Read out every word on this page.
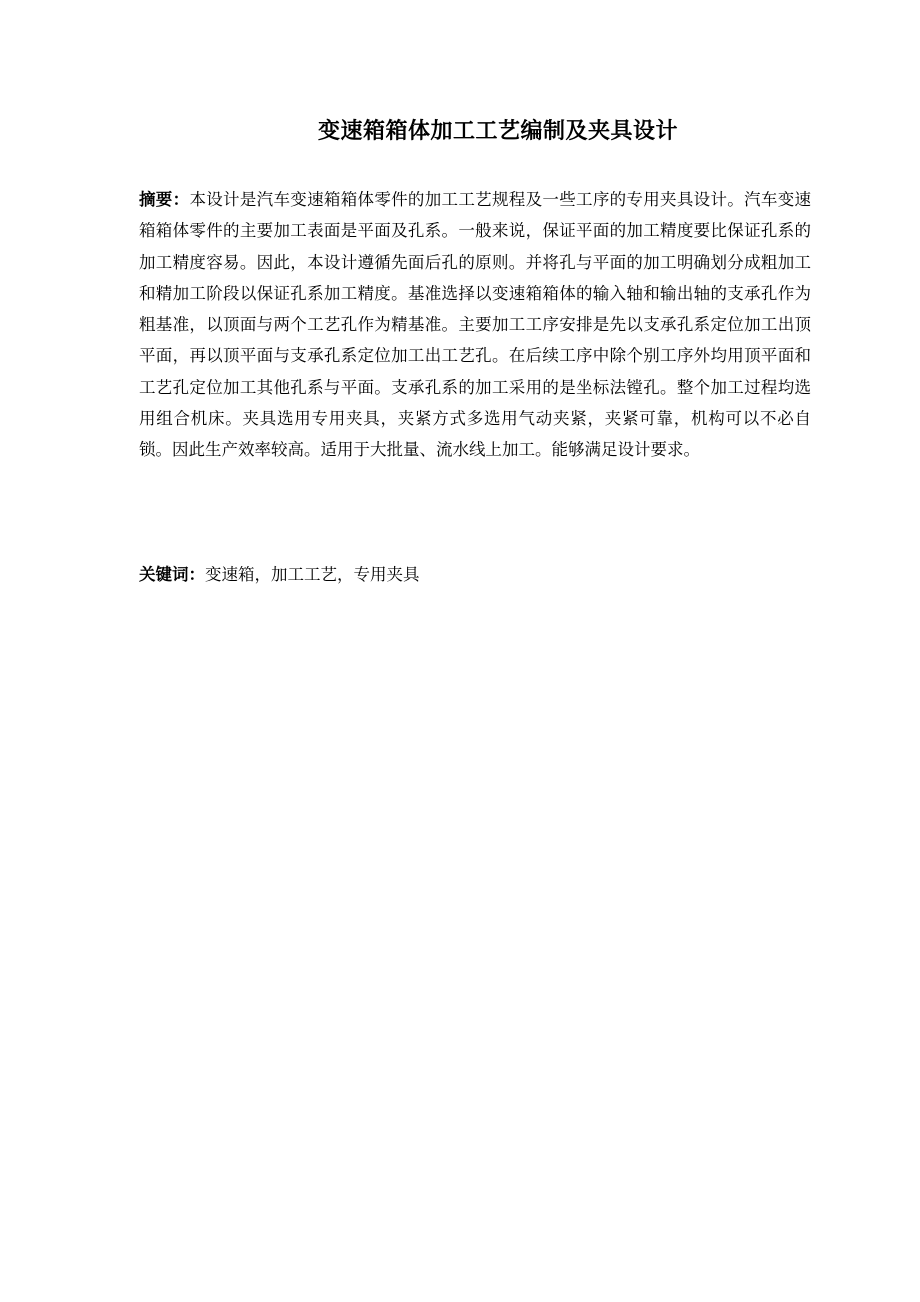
变速箱箱体加工工艺编制及夹具设计

摘要：本设计是汽车变速箱箱体零件的加工工艺规程及一些工序的专用夹具设计。汽车变速箱箱体零件的主要加工表面是平面及孔系。一般来说，保证平面的加工精度要比保证孔系的加工精度容易。因此，本设计遵循先面后孔的原则。并将孔与平面的加工明确划分成粗加工和精加工阶段以保证孔系加工精度。基准选择以变速箱箱体的输入轴和输出轴的支承孔作为粗基准，以顶面与两个工艺孔作为精基准。主要加工工序安排是先以支承孔系定位加工出顶平面，再以顶平面与支承孔系定位加工出工艺孔。在后续工序中除个别工序外均用顶平面和工艺孔定位加工其他孔系与平面。支承孔系的加工采用的是坐标法镗孔。整个加工过程均选用组合机床。夹具选用专用夹具，夹紧方式多选用气动夹紧，夹紧可靠，机构可以不必自锁。因此生产效率较高。适用于大批量、流水线上加工。能够满足设计要求。

关键词：变速箱，加工工艺，专用夹具
